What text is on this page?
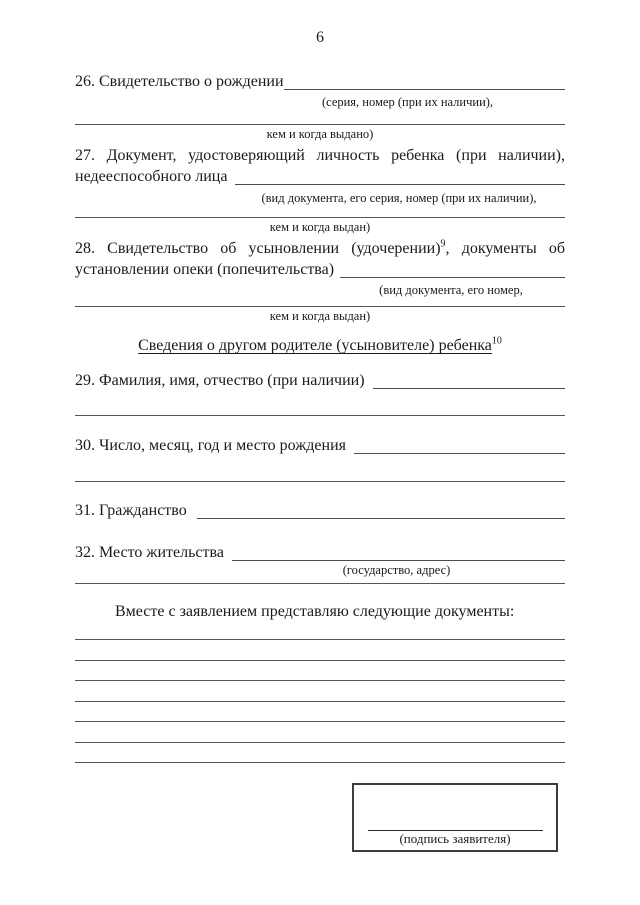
6
26. Свидетельство о рождении
(серия, номер (при их наличии),
кем и когда выдано)
27. Документ, удостоверяющий личность ребенка (при наличии),
недееспособного лица
(вид документа, его серия, номер (при их наличии),
кем и когда выдан)
28. Свидетельство об усыновлении (удочерении)$^9$, документы об
установлении опеки (попечительства)
(вид документа, его номер,
кем и когда выдан)
Сведения о другом родителе (усыновителе) ребенка$^{10}$
29. Фамилия, имя, отчество (при наличии)
30. Число, месяц, год и место рождения
31. Гражданство
32. Место жительства
(государство, адрес)
Вместе с заявлением представляю следующие документы:
(подпись заявителя)
